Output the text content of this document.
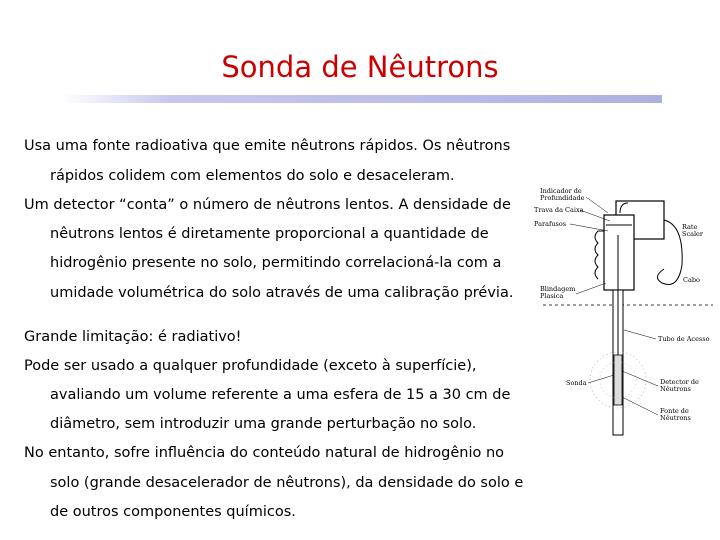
Sonda de Nêutrons
Usa uma fonte radioativa que emite nêutrons rápidos. Os nêutrons
rápidos colidem com elementos do solo e desaceleram.
Um detector “conta” o número de nêutrons lentos. A densidade de
nêutrons lentos é diretamente proporcional a quantidade de
hidrogênio presente no solo, permitindo correlacioná-la com a
umidade volumétrica do solo através de uma calibração prévia.
Grande limitação: é radiativo!
Pode ser usado a qualquer profundidade (exceto à superfície),
avaliando um volume referente a uma esfera de 15 a 30 cm de
diâmetro, sem introduzir uma grande perturbação no solo.
No entanto, sofre influência do conteúdo natural de hidrogênio no
solo (grande desacelerador de nêutrons), da densidade do solo e
de outros componentes químicos.
Indicador de
Profundidade
Trava da Caixa
Parafusos	Rate
Scaler
Cabo
Blindagem
Plasica
Tubo de Acesso
Sonda	Detector de
Nêutrons
Fonte de
Nêutrons
